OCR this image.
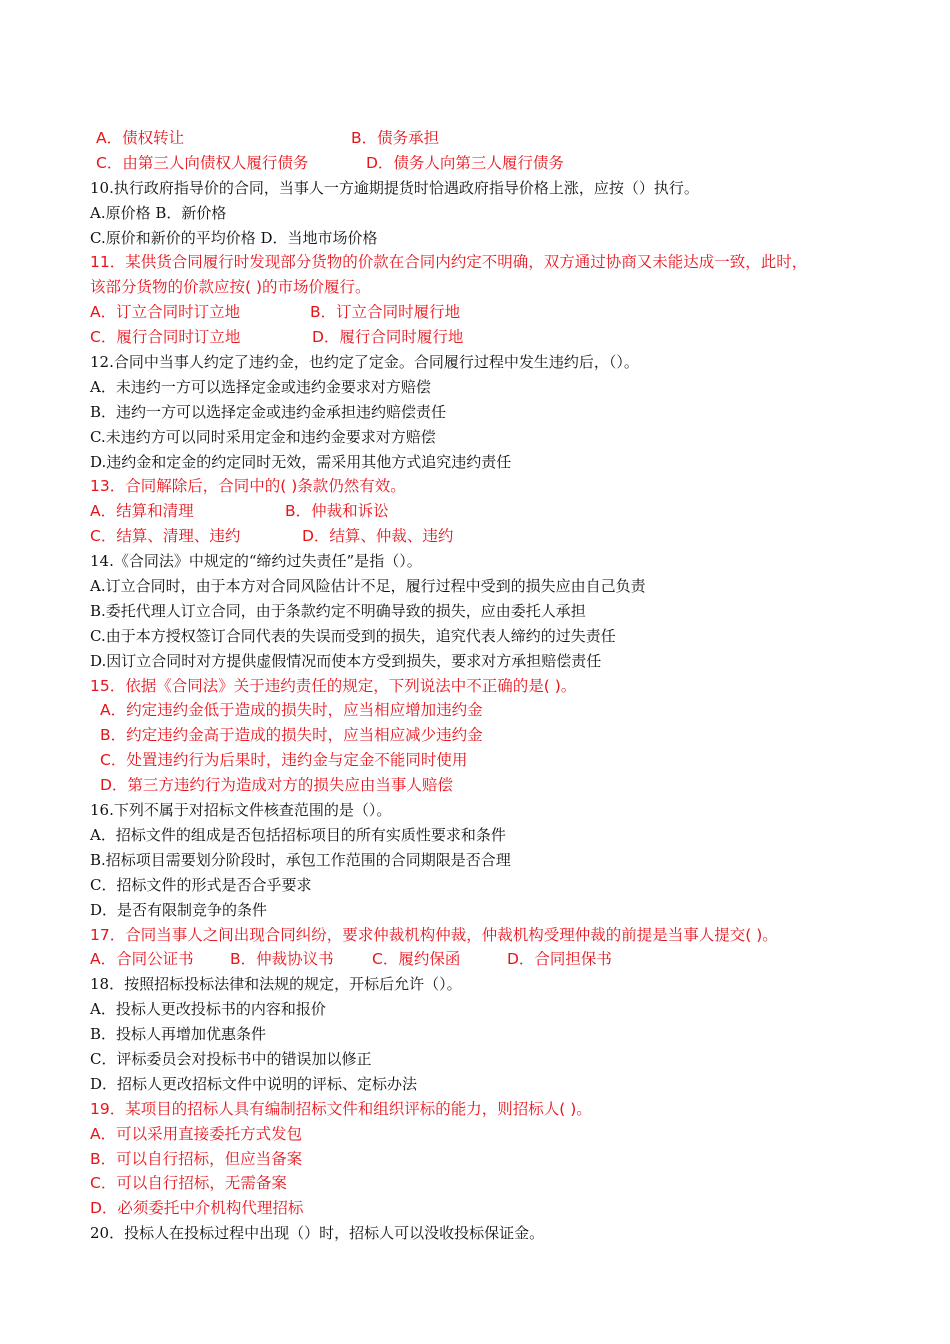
A．债权转让	B．债务承担
C．由第三人向债权人履行债务	D．债务人向第三人履行债务
10.执行政府指导价的合同，当事人一方逾期提货时恰遇政府指导价格上涨，应按（）执行。
A.原价格 B．新价格
C.原价和新价的平均价格 D．当地市场价格
11．某供货合同履行时发现部分货物的价款在合同内约定不明确，双方通过协商又未能达成一致，此时，
该部分货物的价款应按( )的市场价履行。
A．订立合同时订立地	B．订立合同时履行地
C．履行合同时订立地	D．履行合同时履行地
12.合同中当事人约定了违约金，也约定了定金。合同履行过程中发生违约后，（）。
A．未违约一方可以选择定金或违约金要求对方赔偿
B．违约一方可以选择定金或违约金承担违约赔偿责任
C.未违约方可以同时采用定金和违约金要求对方赔偿
D.违约金和定金的约定同时无效，需采用其他方式追究违约责任
13．合同解除后，合同中的( )条款仍然有效。
A．结算和清理	B．仲裁和诉讼
C．结算、清理、违约	D．结算、仲裁、违约
14.《合同法》中规定的“缔约过失责任”是指（）。
A.订立合同时，由于本方对合同风险估计不足，履行过程中受到的损失应由自己负责
B.委托代理人订立合同，由于条款约定不明确导致的损失，应由委托人承担
C.由于本方授权签订合同代表的失误而受到的损失，追究代表人缔约的过失责任
D.因订立合同时对方提供虚假情况而使本方受到损失，要求对方承担赔偿责任
15．依据《合同法》关于违约责任的规定，下列说法中不正确的是( )。
A．约定违约金低于造成的损失时，应当相应增加违约金
B．约定违约金高于造成的损失时，应当相应减少违约金
C．处置违约行为后果时，违约金与定金不能同时使用
D．第三方违约行为造成对方的损失应由当事人赔偿
16.下列不属于对招标文件核查范围的是（）。
A．招标文件的组成是否包括招标项目的所有实质性要求和条件
B.招标项目需要划分阶段时，承包工作范围的合同期限是否合理
C．招标文件的形式是否合乎要求
D．是否有限制竞争的条件
17．合同当事人之间出现合同纠纷，要求仲裁机构仲裁，仲裁机构受理仲裁的前提是当事人提交( )。
A．合同公证书 B．仲裁协议书 C．履约保函	D．合同担保书
18．按照招标投标法律和法规的规定，开标后允许（）。
A．投标人更改投标书的内容和报价
B．投标人再增加优惠条件
C．评标委员会对投标书中的错误加以修正
D．招标人更改招标文件中说明的评标、定标办法
19．某项目的招标人具有编制招标文件和组织评标的能力，则招标人( )。
A．可以采用直接委托方式发包
B．可以自行招标，但应当备案
C．可以自行招标，无需备案
D．必须委托中介机构代理招标
20．投标人在投标过程中出现（）时，招标人可以没收投标保证金。
